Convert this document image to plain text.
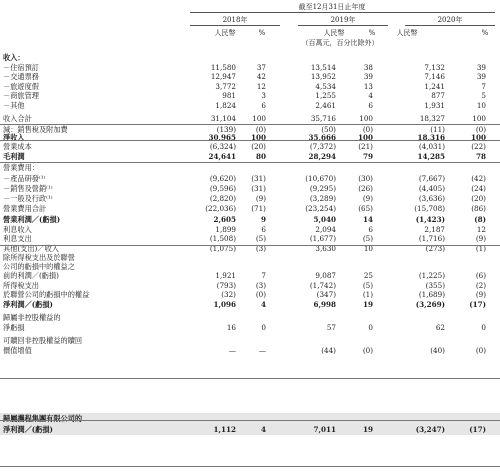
截至12月31日止年度
2018年	2019年	2020年
人民幣	%	人民幣	%	人民幣	%
（百萬元，百分比除外）
收入：
－住宿預訂	11,580	37	13,514	38	7,132	39
－交通票務	12,947	42	13,952	39	7,146	39
－旅遊度假	3,772	12	4,534	13	1,241	7
－商旅管理	981	3	1,255	4	877	5
－其他	1,824	6	2,461	6	1,931	10
收入合計	31,104 100	35,716	100	18,327	100
減：銷售稅及附加費	(139)	(0)	(50)	(0)	(11)	(0)
淨收入	30,965 100	35,666	100	18,316	100
營業成本	(6,324) (20)	(7,372)	(21)	(4,031)	(22)
毛利潤	24,641	80	28,294	79	14,285	78
營業費用：
－產品研發⁽¹⁾	(9,620) (31)	(10,670)	(30)	(7,667)	(42)
－銷售及營銷⁽¹⁾	(9,596) (31)	(9,295)	(26)	(4,405)	(24)
－一般及行政⁽¹⁾	(2,820)	(9)	(3,289)	(9)	(3,636)	(20)
營業費用合計	(22,036) (71)	(23,254)	(65)	(15,708)	(86)
營業利潤／(虧損)	2,605	9	5,040	14	(1,423)	(8)
利息收入	1,899	6	2,094	6	2,187	12
利息支出	(1,508)	(5)	(1,677)	(5)	(1,716)	(9)
其他(支出)／收入	(1,075)	(3)	3,630	10	(273)	(1)
除所得稅支出及於聯營
公司的虧損中的權益之
前的利潤／(虧損)	1,921	7	9,087	25	(1,225)	(6)
所得稅支出	(793)	(3)	(1,742)	(5)	(355)	(2)
於聯營公司的虧損中的權益	(32)	(0)	(347)	(1)	(1,689)	(9)
淨利潤／(虧損)	1,096	4	6,998	19	(3,269)	(17)
歸屬非控股權益的
淨虧損	16	0	57	0	62	0
可贖回非控股權益的贖回
價值增值	—	—	(44)	(0)	(40)	(0)
歸屬攜程集團有限公司的
淨利潤／(虧損)	1,112	4	7,011	19	(3,247)	(17)
